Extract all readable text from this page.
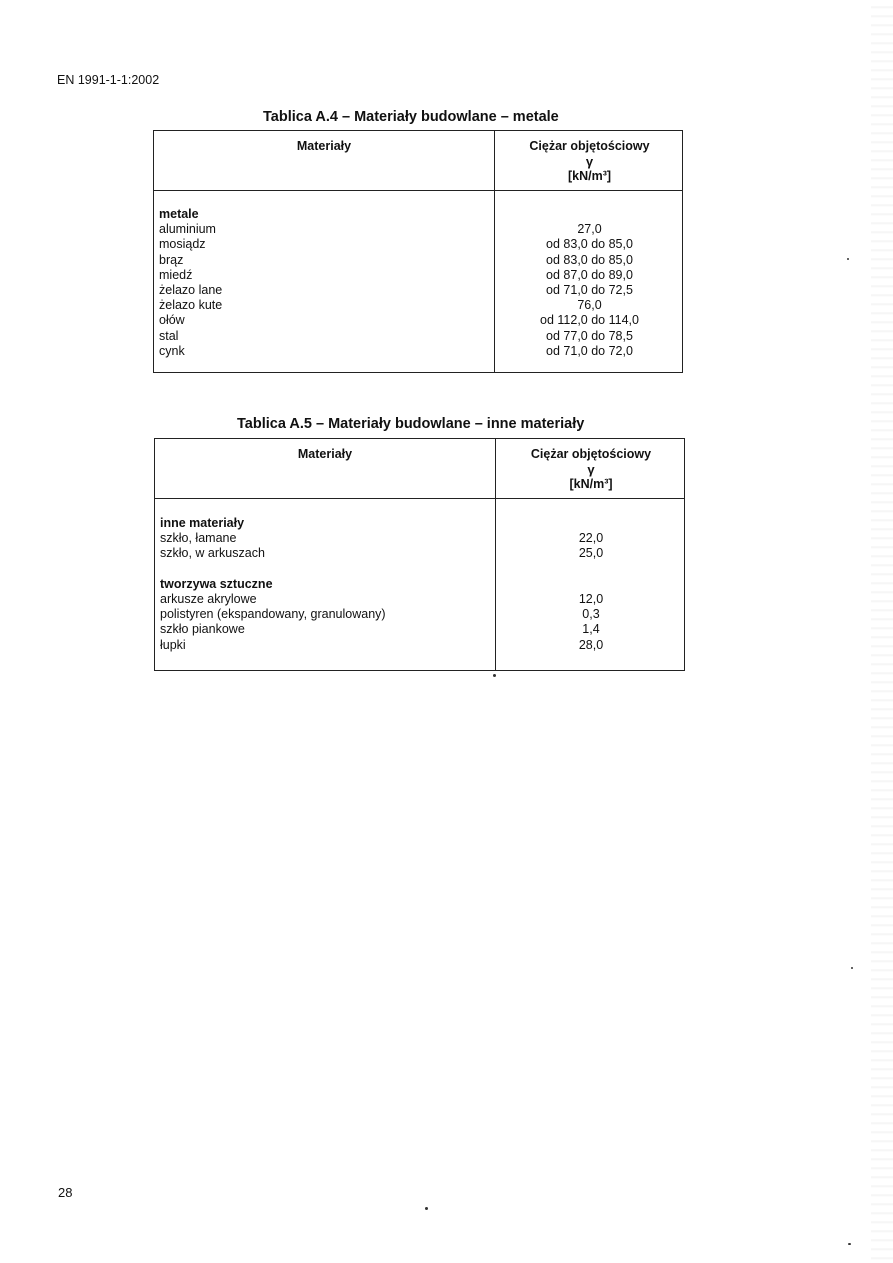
EN 1991-1-1:2002
Tablica A.4 – Materiały budowlane – metale
Materiały	Ciężar objętościowy
γ
[kN/m³]
metale
aluminium
mosiądz
brąz
miedź
żelazo lane
żelazo kute
ołów
stal
cynk
27,0
od 83,0 do 85,0
od 83,0 do 85,0
od 87,0 do 89,0
od 71,0 do 72,5
76,0
od 112,0 do 114,0
od 77,0 do 78,5
od 71,0 do 72,0
Tablica A.5 – Materiały budowlane – inne materiały
Materiały	Ciężar objętościowy
γ
[kN/m³]
inne materiały
szkło, łamane
szkło, w arkuszach
tworzywa sztuczne
arkusze akrylowe
polistyren (ekspandowany, granulowany)
szkło piankowe
łupki
22,0
25,0
12,0
0,3
1,4
28,0
28
